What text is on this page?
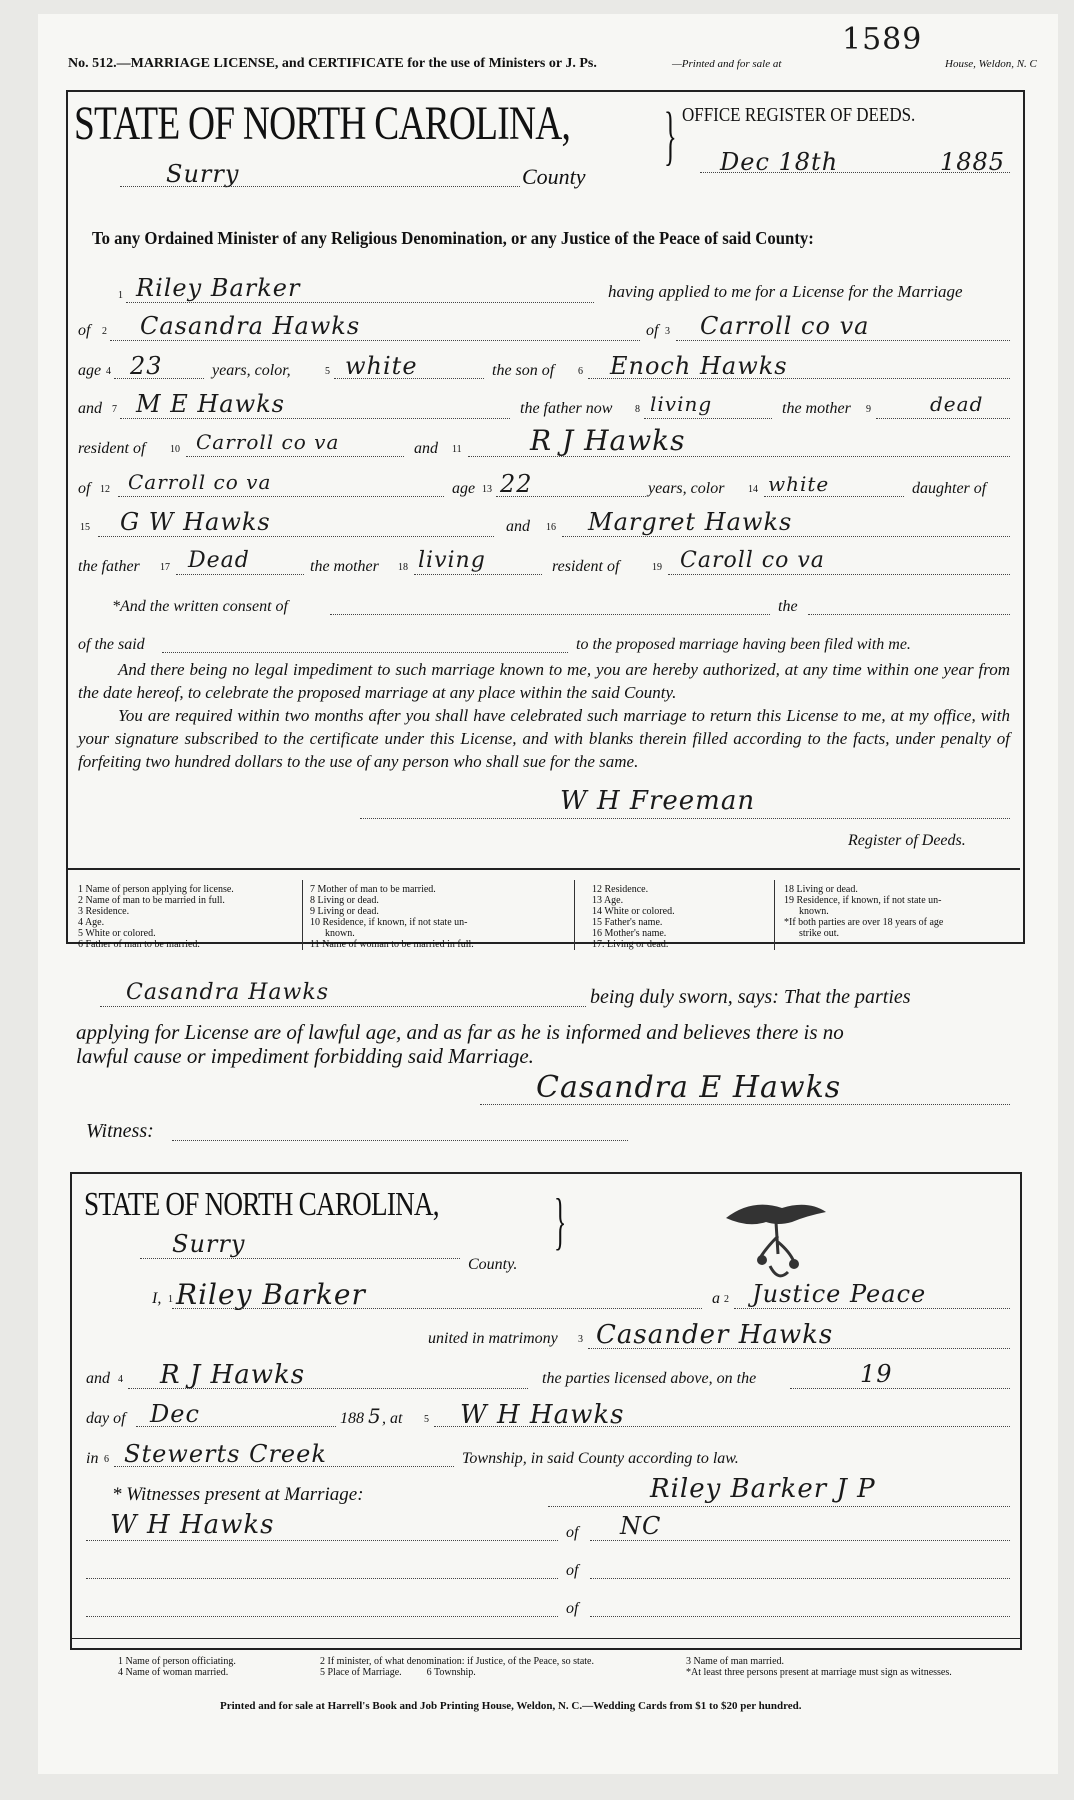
1589
No. 512.—MARRIAGE LICENSE, and CERTIFICATE for the use of Ministers or J. Ps.	—Printed and for sale at	House, Weldon, N. C
STATE OF NORTH CAROLINA, } OFFICE REGISTER OF DEEDS.
Surry	County
Dec 18th	1885
To any Ordained Minister of any Religious Denomination, or any Justice of the Peace of said County:
1 Riley Barker	having applied to me for a License for the Marriage
of 2 Casandra Hawks	of 3 Carroll co va
age 4 23	years, color,	5 white	the son of 6 Enoch Hawks
and 7 M E Hawks	the father now 8 living	the mother 9	dead
resident of 10 Carroll co va	and 11 R J Hawks
of 12 Carroll co va	age 13 22	years, color 14 white	daughter of
15 G W Hawks	and 16 Margret Hawks
the father 17 Dead	the mother 18 living	resident of	19 Caroll co va
*And the written consent of	the
of the said	to the proposed marriage having been filed with me.
And there being no legal impediment to such marriage known to me, you are hereby authorized, at any time within one year from the date hereof, to celebrate the proposed marriage at any place within the said County.
You are required within two months after you shall have celebrated such marriage to return this License to me, at my office, with your signature subscribed to the certificate under this License, and with blanks therein filled according to the facts, under penalty of forfeiting two hundred dollars to the use of any person who shall sue for the same.
W H Freeman
Register of Deeds.
1 Name of person applying for license.
2 Name of man to be married in full.
3 Residence.
4 Age.
5 White or colored.
6 Father of man to be married.
7 Mother of man to be married.
8 Living or dead.
9 Living or dead.
10 Residence, if known, if not state un-
known.
11 Name of woman to be married in full.
12 Residence.
13 Age.
14 White or colored.
15 Father's name.
16 Mother's name.
17. Living or dead.
18 Living or dead.
19 Residence, if known, if not state un-
known.
*If both parties are over 18 years of age
strike out.
Casandra Hawks	being duly sworn, says: That the parties
applying for License are of lawful age, and as far as he is informed and believes there is no
lawful cause or impediment forbidding said Marriage.
Casandra E Hawks
Witness:
STATE OF NORTH CAROLINA, }
Surry
County.
I, 1 Riley Barker	a 2 Justice Peace
united in matrimony 3 Casander Hawks
and 4 R J Hawks	the parties licensed above, on the	19
day of Dec	188 5 , at 5 W H Hawks
in 6 Stewerts Creek	Township, in said County according to law.
* Witnesses present at Marriage:	Riley Barker J P
W H Hawks	of NC
of
of
1 Name of person officiating.
4 Name of woman married.
2 If minister, of what denomination: if Justice, of the Peace, so state.
5 Place of Marriage.          6 Township.
3 Name of man married.
*At least three persons present at marriage must sign as witnesses.
Printed and for sale at Harrell's Book and Job Printing House, Weldon, N. C.—Wedding Cards from $1 to $20 per hundred.
